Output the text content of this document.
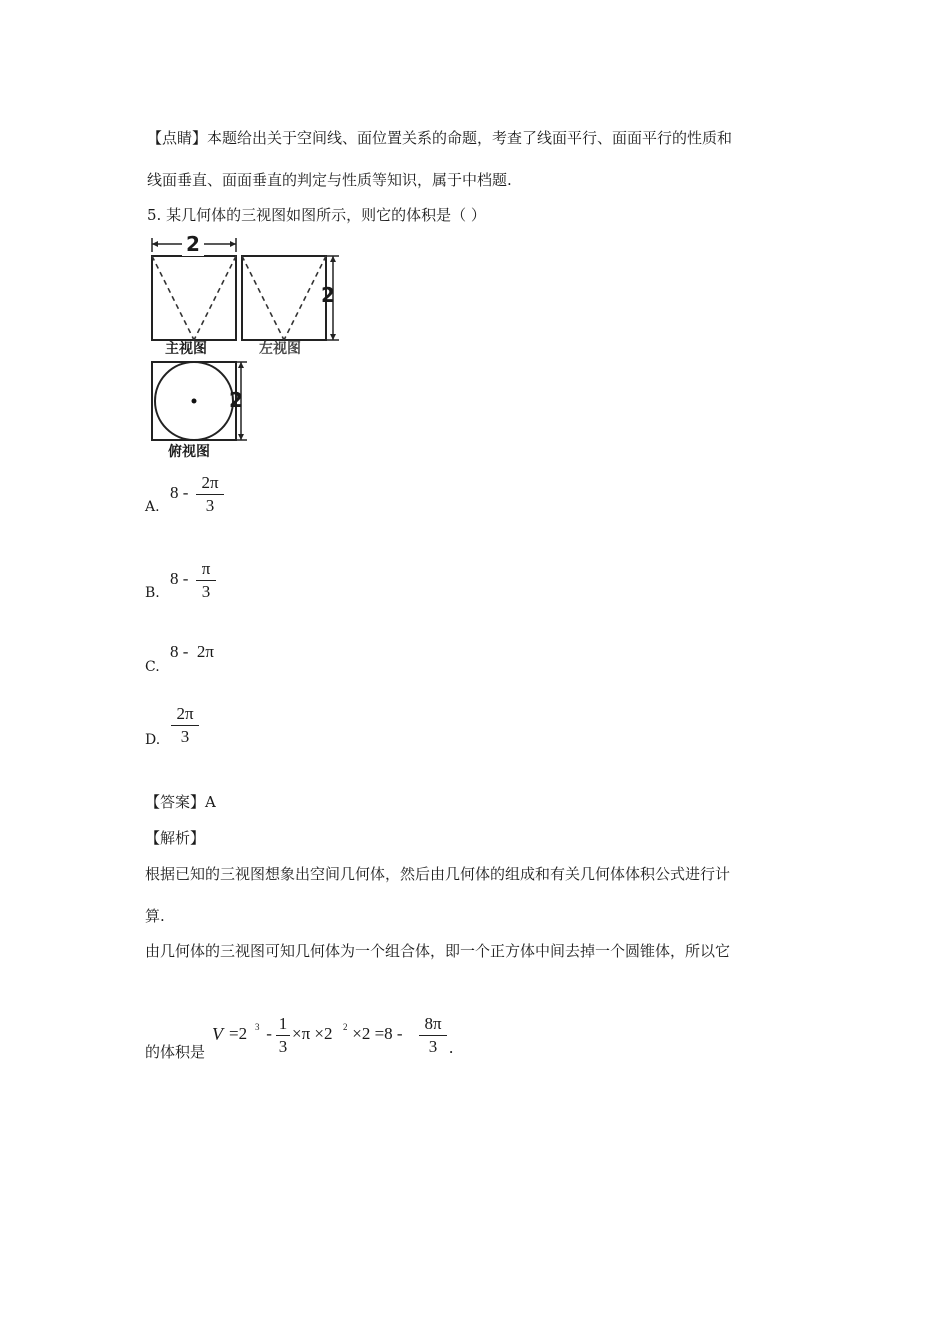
【点睛】本题给出关于空间线、面位置关系的命题，考查了线面平行、面面平行的性质和
线面垂直、面面垂直的判定与性质等知识，属于中档题.
5. 某几何体的三视图如图所示，则它的体积是（ ）
2
2
2
主视图	左视图
俯视图
A.
8 -
2π
3
B.
8 -
π
3
C.
8 -  2π
D.
2π
3
【答案】A
【解析】
根据已知的三视图想象出空间几何体，然后由几何体的组成和有关几何体体积公式进行计
算.
由几何体的三视图可知几何体为一个组合体，即一个正方体中间去掉一个圆锥体，所以它
的体积是
V =2 3 -
1
3
×π ×2 2 ×2 =8 -
8π
3 .
